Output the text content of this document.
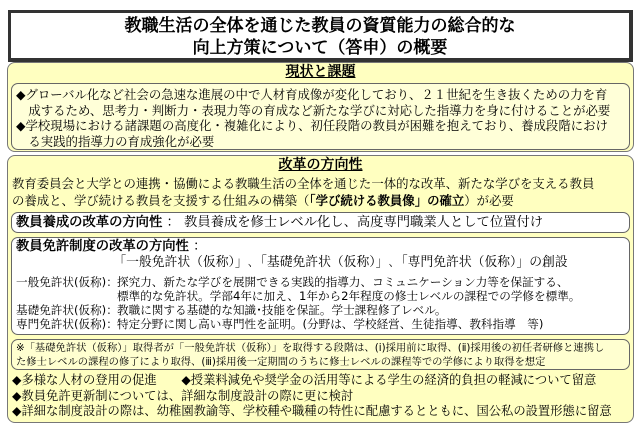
教職生活の全体を通じた教員の資質能力の総合的な
向上方策について（答申）の概要
現状と課題
◆グローバル化など社会の急速な進展の中で人材育成像が変化しており、２１世紀を生き抜くための力を育
　成するため、思考力・判断力・表現力等の育成など新たな学びに対応した指導力を身に付けることが必要
◆学校現場における諸課題の高度化・複雑化により、初任段階の教員が困難を抱えており、養成段階におけ
　る実践的指導力の育成強化が必要
改革の方向性
教育委員会と大学との連携・協働による教職生活の全体を通じた一体的な改革、新たな学びを支える教員
の養成と、学び続ける教員を支援する仕組みの構築（「学び続ける教員像」の確立）が必要
教員養成の改革の方向性 ： 教員養成を修士レベル化し、高度専門職業人として位置付け
教員免許制度の改革の方向性 ：
「一般免許状（仮称）」､「基礎免許状（仮称）」､「専門免許状（仮称）」の創設
一般免許状(仮称)： 探究力、新たな学びを展開できる実践的指導力、コミュニケーション力等を保証する、
標準的な免許状。学部4年に加え、1年から2年程度の修士レベルの課程での学修を標準。
基礎免許状(仮称)： 教職に関する基礎的な知識･技能を保証。学士課程修了レベル。
専門免許状(仮称)： 特定分野に関し高い専門性を証明。(分野は、学校経営、生徒指導、教科指導　等)
※「基礎免許状（仮称）」取得者が「一般免許状（仮称）」を取得する段階は、(ⅰ)採用前に取得、(ⅱ)採用後の初任者研修と連携し
た修士レベルの課程の修了により取得、(ⅲ)採用後一定期間のうちに修士レベルの課程等での学修により取得を想定
◆多様な人材の登用の促進　　◆授業料減免や奨学金の活用等による学生の経済的負担の軽減について留意
◆教員免許更新制については、詳細な制度設計の際に更に検討
◆詳細な制度設計の際は、幼稚園教諭等、学校種や職種の特性に配慮するとともに、国公私の設置形態に留意
